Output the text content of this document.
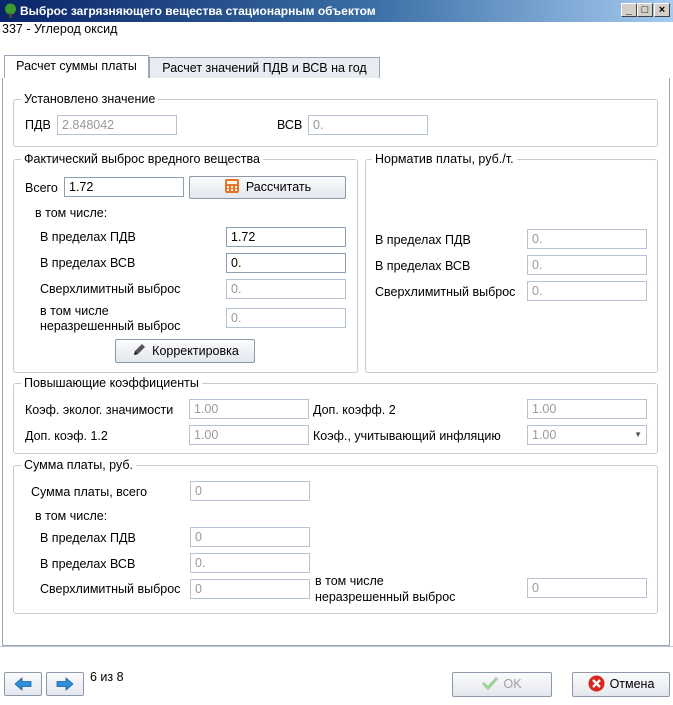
Выброс загрязняющего вещества стационарным объектом	_ □ ×
337 - Углерод оксид
Расчет суммы платы	Расчет значений ПДВ и ВСВ на год
Установлено значение
ПДВ 2.848042	ВСВ 0.
Фактический выброс вредного вещества
Всего 1.72	Рассчитать
в том числе:
В пределах ПДВ	1.72
В пределах ВСВ	0.
Сверхлимитный выброс	0.
в том числе
неразрешенный выброс
0.
Корректировка
Норматив платы, руб./т.
В пределах ПДВ	0.
В пределах ВСВ	0.
Сверхлимитный выброс	0.
Повышающие коэффициенты
Коэф. эколог. значимости	1.00	Доп. коэфф. 2	1.00
Доп. коэф. 1.2	1.00	Коэф., учитывающий инфляцию	1.00	▼
Сумма платы, руб.
Сумма платы, всего	0
в том числе:
В пределах ПДВ	0
В пределах ВСВ	0.
Сверхлимитный выброс	0
в том числе
неразрешенный выброс
0
6 из 8	OK	Отмена
